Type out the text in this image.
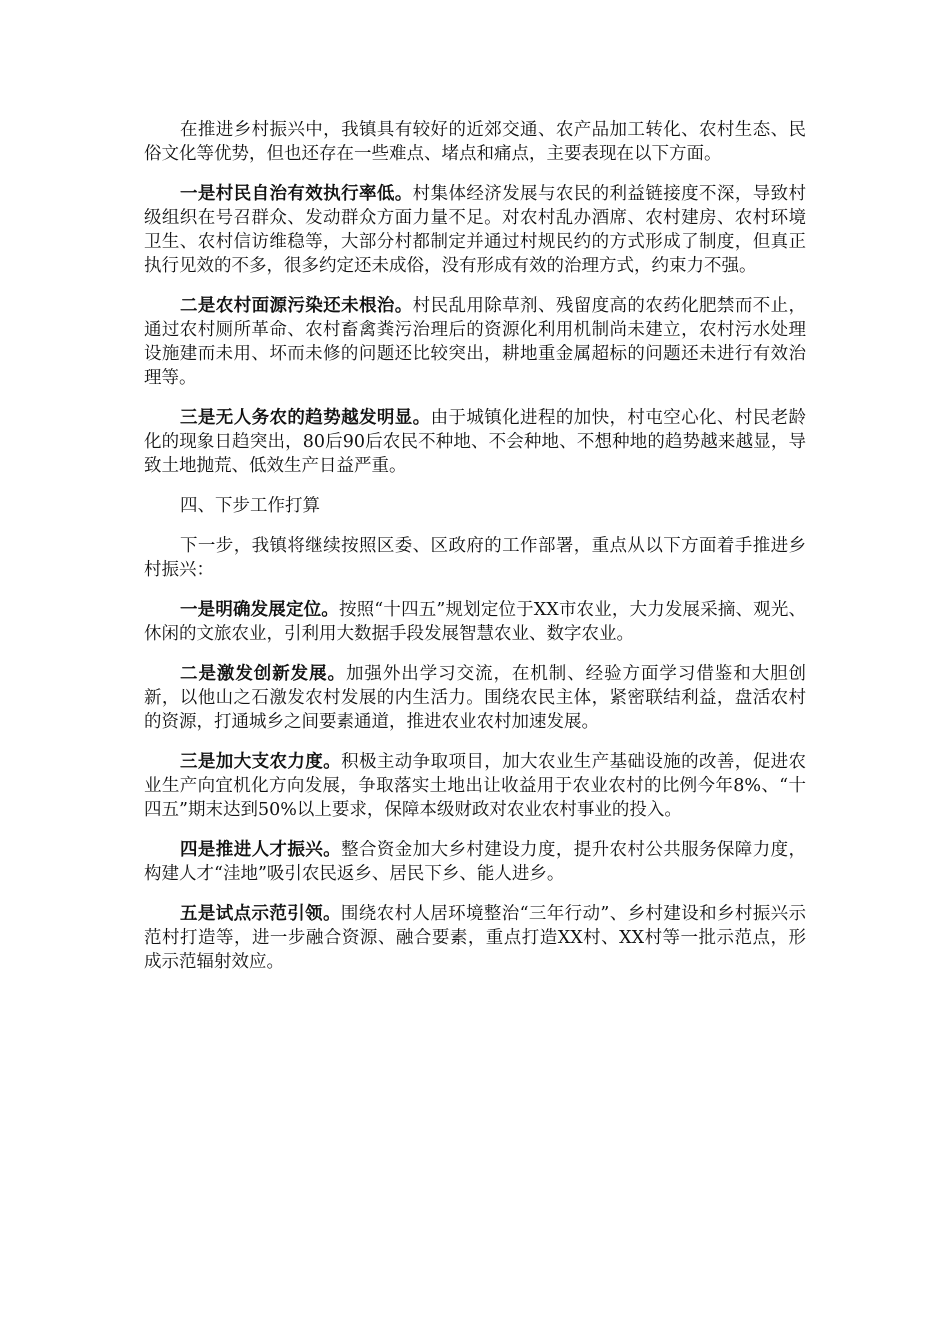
在推进乡村振兴中，我镇具有较好的近郊交通、农产品加工转化、农村生态、民俗文化等优势，但也还存在一些难点、堵点和痛点，主要表现在以下方面。

一是村民自治有效执行率低。村集体经济发展与农民的利益链接度不深，导致村级组织在号召群众、发动群众方面力量不足。对农村乱办酒席、农村建房、农村环境卫生、农村信访维稳等，大部分村都制定并通过村规民约的方式形成了制度，但真正执行见效的不多，很多约定还未成俗，没有形成有效的治理方式，约束力不强。

二是农村面源污染还未根治。村民乱用除草剂、残留度高的农药化肥禁而不止，通过农村厕所革命、农村畜禽粪污治理后的资源化利用机制尚未建立，农村污水处理设施建而未用、坏而未修的问题还比较突出，耕地重金属超标的问题还未进行有效治理等。

三是无人务农的趋势越发明显。由于城镇化进程的加快，村屯空心化、村民老龄化的现象日趋突出，80后90后农民不种地、不会种地、不想种地的趋势越来越显，导致土地抛荒、低效生产日益严重。

四、下步工作打算

下一步，我镇将继续按照区委、区政府的工作部署，重点从以下方面着手推进乡村振兴：

一是明确发展定位。按照“十四五”规划定位于XX市农业，大力发展采摘、观光、休闲的文旅农业，引利用大数据手段发展智慧农业、数字农业。

二是激发创新发展。加强外出学习交流，在机制、经验方面学习借鉴和大胆创新，以他山之石激发农村发展的内生活力。围绕农民主体，紧密联结利益，盘活农村的资源，打通城乡之间要素通道，推进农业农村加速发展。

三是加大支农力度。积极主动争取项目，加大农业生产基础设施的改善，促进农业生产向宜机化方向发展，争取落实土地出让收益用于农业农村的比例今年8%、“十四五”期末达到50%以上要求，保障本级财政对农业农村事业的投入。

四是推进人才振兴。整合资金加大乡村建设力度，提升农村公共服务保障力度，构建人才“洼地”吸引农民返乡、居民下乡、能人进乡。

五是试点示范引领。围绕农村人居环境整治“三年行动”、乡村建设和乡村振兴示范村打造等，进一步融合资源、融合要素，重点打造XX村、XX村等一批示范点，形成示范辐射效应。
